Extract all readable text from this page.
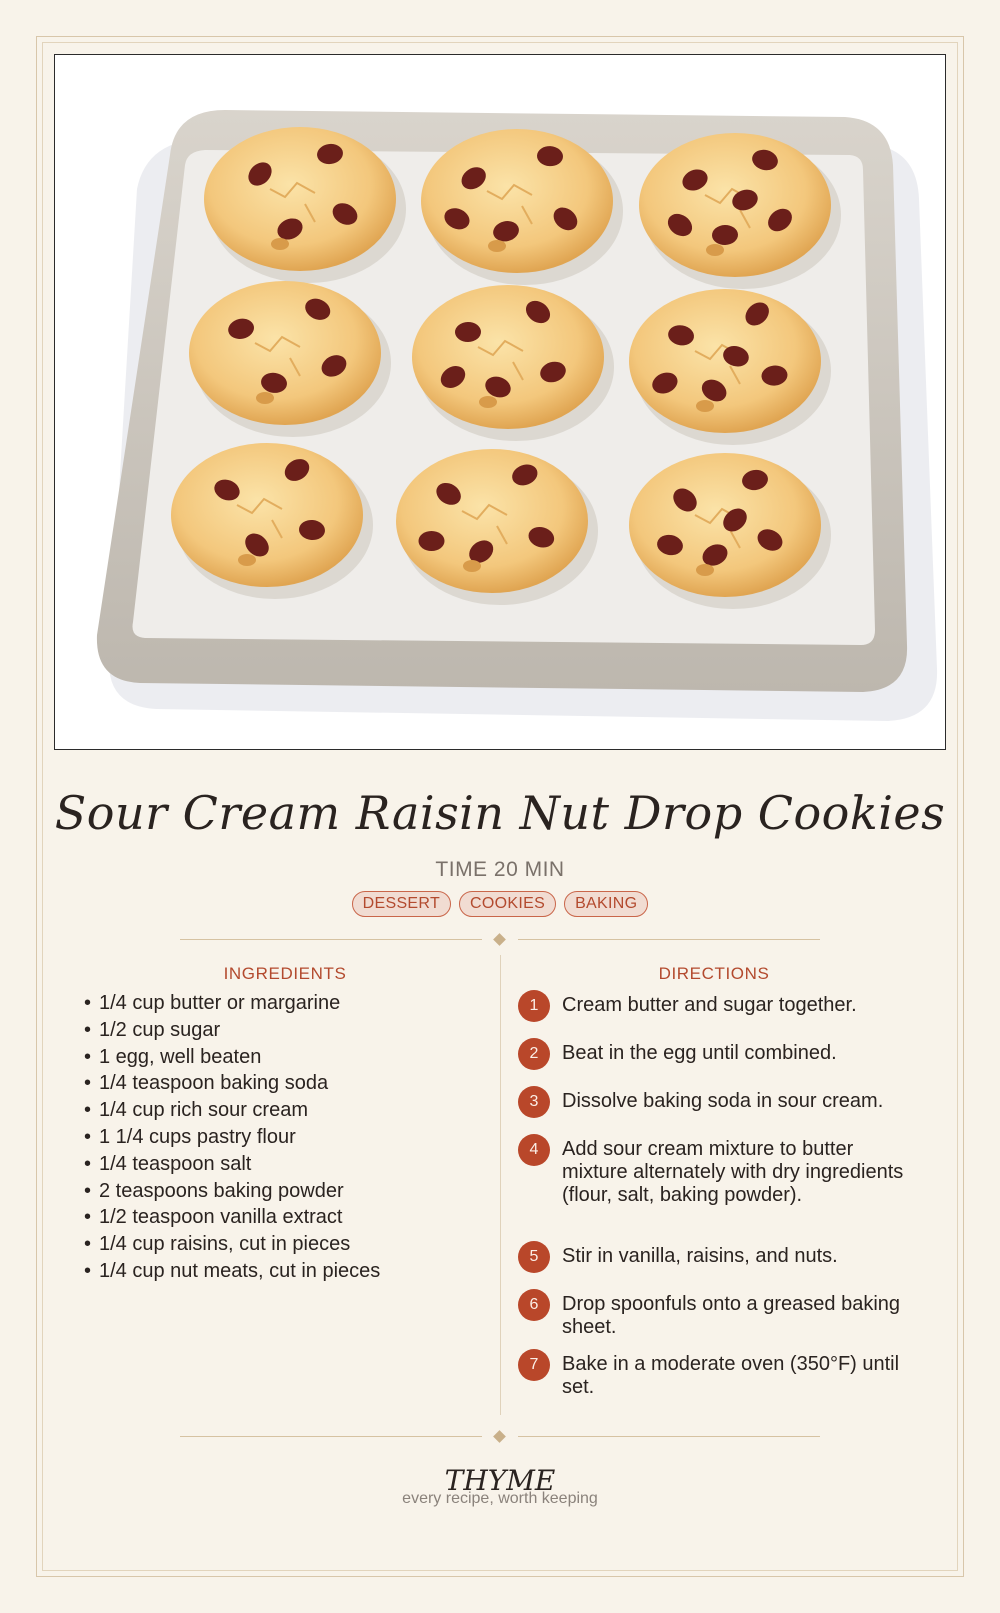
Sour Cream Raisin Nut Drop Cookies
TIME 20 MIN
DESSERT	COOKIES	BAKING
INGREDIENTS	DIRECTIONS
• 1/4 cup butter or margarine
• 1/2 cup sugar
• 1 egg, well beaten
• 1/4 teaspoon baking soda
• 1/4 cup rich sour cream
• 1 1/4 cups pastry flour
• 1/4 teaspoon salt
• 2 teaspoons baking powder
• 1/2 teaspoon vanilla extract
• 1/4 cup raisins, cut in pieces
• 1/4 cup nut meats, cut in pieces
1	Cream butter and sugar together.
2	Beat in the egg until combined.
3	Dissolve baking soda in sour cream.
4	Add sour cream mixture to butter mixture alternately with dry ingredients (flour, salt, baking powder).
5	Stir in vanilla, raisins, and nuts.
6	Drop spoonfuls onto a greased baking sheet.
7	Bake in a moderate oven (350°F) until set.
THYME
every recipe, worth keeping
